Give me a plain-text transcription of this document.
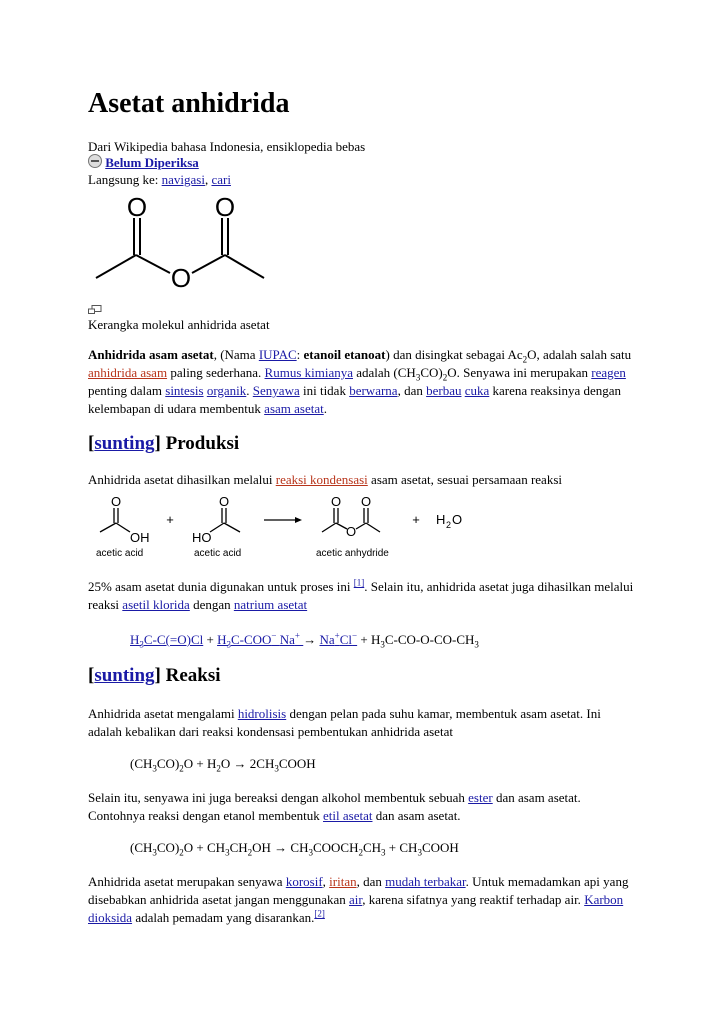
Asetat anhidrida
Dari Wikipedia bahasa Indonesia, ensiklopedia bebas
Belum Diperiksa
Langsung ke: navigasi, cari
O	O
O
Kerangka molekul anhidrida asetat
Anhidrida asam asetat, (Nama IUPAC: etanoil etanoat) dan disingkat sebagai $Ac_2O$, adalah salah satu anhidrida asam paling sederhana. Rumus kimianya adalah $(CH_3CO)_2O$. Senyawa ini merupakan reagen penting dalam sintesis organik. Senyawa ini tidak berwarna, dan berbau cuka karena reaksinya dengan kelembapan di udara membentuk asam asetat.
[sunting] Produksi
Anhidrida asetat dihasilkan melalui reaksi kondensasi asam asetat, sesuai persamaan reaksi
O
OH
+
O
HO
O O
O
+ H 2 O
acetic acid	acetic acid	acetic anhydride
25% asam asetat dunia digunakan untuk proses ini [1]. Selain itu, anhidrida asetat juga dihasilkan melalui reaksi asetil klorida dengan natrium asetat
$H_3C-C(=O)Cl + H_3C-COO^-$ $Na^+ \to Na^+Cl^- + H_3C-CO-O-CO-CH_3$
[sunting] Reaksi
Anhidrida asetat mengalami hidrolisis dengan pelan pada suhu kamar, membentuk asam asetat. Ini adalah kebalikan dari reaksi kondensasi pembentukan anhidrida asetat
$(CH_3CO)_2O + H_2O$ → $2CH_3COOH$
Selain itu, senyawa ini juga bereaksi dengan alkohol membentuk sebuah ester dan asam asetat. Contohnya reaksi dengan etanol membentuk etil asetat dan asam asetat.
$(CH_3CO)_2O + CH_3CH_2OH$ → $CH_3COOCH_2CH_3$ + $CH_3COOH$
Anhidrida asetat merupakan senyawa korosif, iritan, dan mudah terbakar. Untuk memadamkan api yang disebabkan anhidrida asetat jangan menggunakan air, karena sifatnya yang reaktif terhadap air. Karbon dioksida adalah pemadam yang disarankan.[2]
